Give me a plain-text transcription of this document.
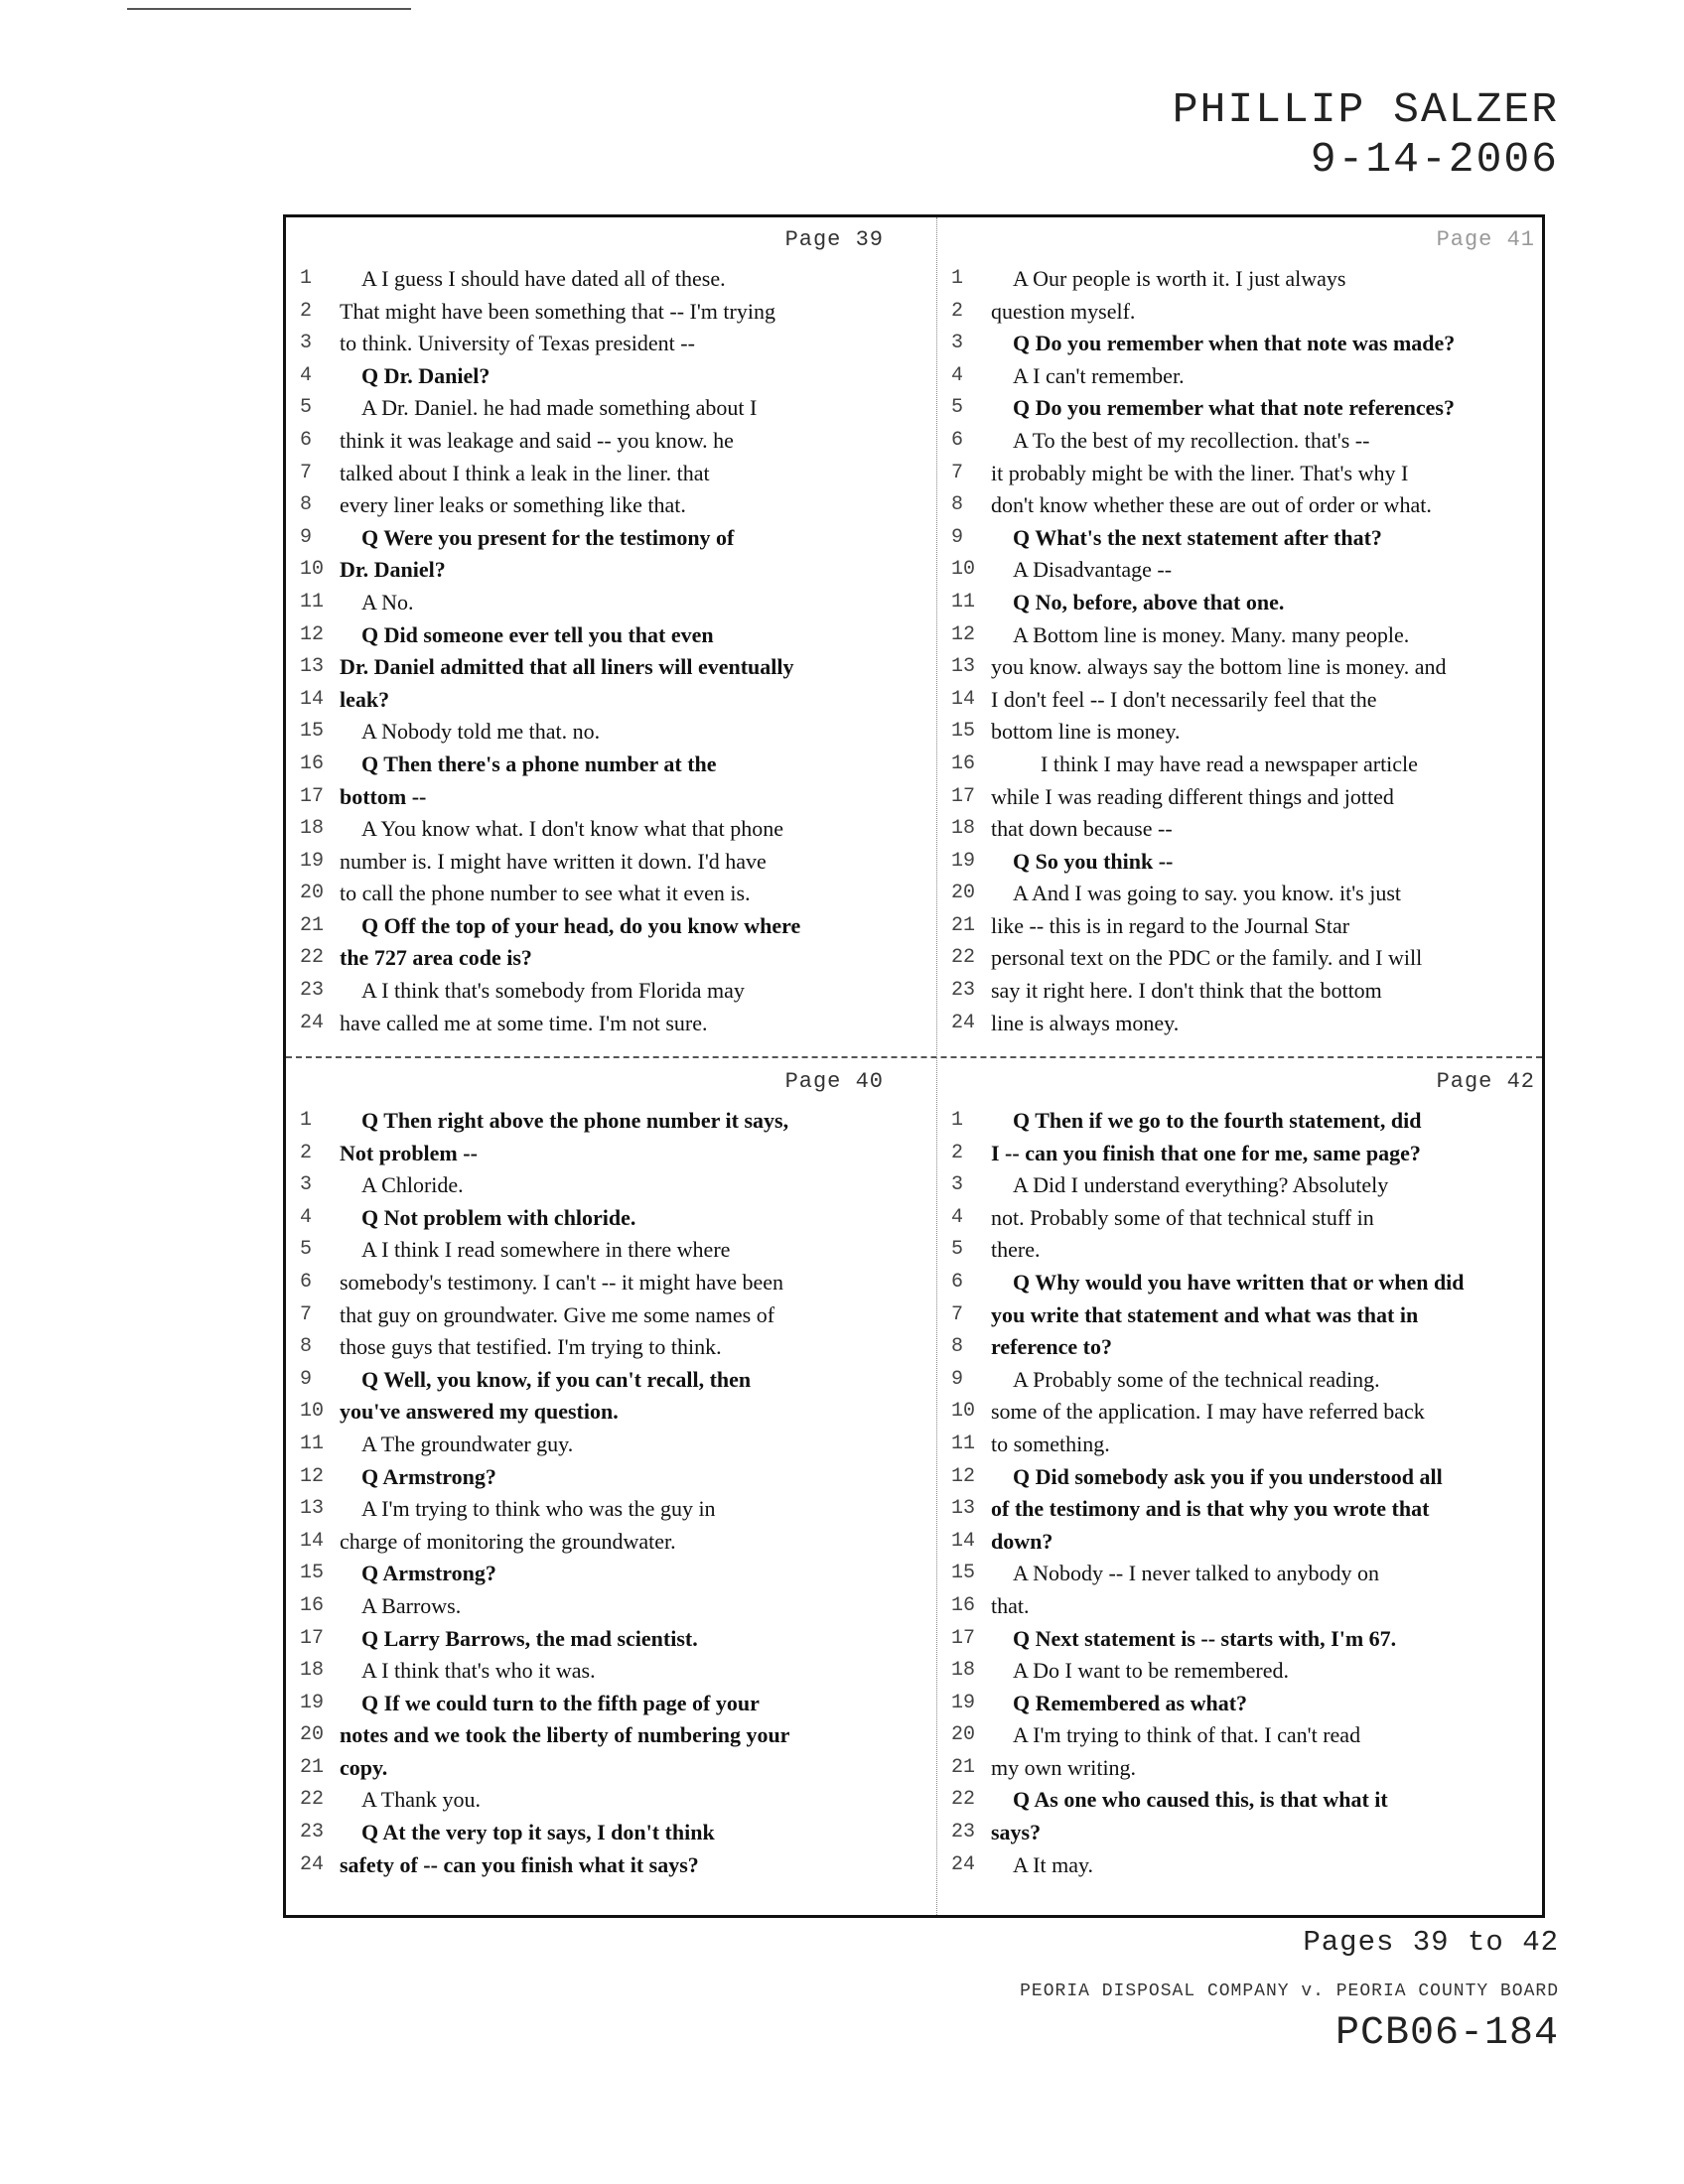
PHILLIP SALZER
9-14-2006
Page 39
1	A I guess I should have dated all of these.
2	That might have been something that -- I'm trying
3	to think. University of Texas president --
4	Q Dr. Daniel?
5	A Dr. Daniel. he had made something about I
6	think it was leakage and said -- you know. he
7	talked about I think a leak in the liner. that
8	every liner leaks or something like that.
9	Q Were you present for the testimony of
10 Dr. Daniel?
11	A No.
12	Q Did someone ever tell you that even
13 Dr. Daniel admitted that all liners will eventually
14 leak?
15	A Nobody told me that. no.
16	Q Then there's a phone number at the
17 bottom --
18	A You know what. I don't know what that phone
19 number is. I might have written it down. I'd have
20 to call the phone number to see what it even is.
21	Q Off the top of your head, do you know where
22 the 727 area code is?
23	A I think that's somebody from Florida may
24 have called me at some time. I'm not sure.
Page 41
1	A Our people is worth it. I just always
2	question myself.
3	Q Do you remember when that note was made?
4	A I can't remember.
5	Q Do you remember what that note references?
6	A To the best of my recollection. that's --
7	it probably might be with the liner. That's why I
8	don't know whether these are out of order or what.
9	Q What's the next statement after that?
10	A Disadvantage --
11	Q No, before, above that one.
12	A Bottom line is money. Many. many people.
13 you know. always say the bottom line is money. and
14 I don't feel -- I don't necessarily feel that the
15 bottom line is money.
16	I think I may have read a newspaper article
17 while I was reading different things and jotted
18 that down because --
19	Q So you think --
20	A And I was going to say. you know. it's just
21 like -- this is in regard to the Journal Star
22 personal text on the PDC or the family. and I will
23 say it right here. I don't think that the bottom
24 line is always money.
Page 40
1	Q Then right above the phone number it says,
2	Not problem --
3	A Chloride.
4	Q Not problem with chloride.
5	A I think I read somewhere in there where
6	somebody's testimony. I can't -- it might have been
7	that guy on groundwater. Give me some names of
8	those guys that testified. I'm trying to think.
9	Q Well, you know, if you can't recall, then
10 you've answered my question.
11	A The groundwater guy.
12	Q Armstrong?
13	A I'm trying to think who was the guy in
14 charge of monitoring the groundwater.
15	Q Armstrong?
16	A Barrows.
17	Q Larry Barrows, the mad scientist.
18	A I think that's who it was.
19	Q If we could turn to the fifth page of your
20 notes and we took the liberty of numbering your
21 copy.
22	A Thank you.
23	Q At the very top it says, I don't think
24 safety of -- can you finish what it says?
Page 42
1	Q Then if we go to the fourth statement, did
2	I -- can you finish that one for me, same page?
3	A Did I understand everything? Absolutely
4	not. Probably some of that technical stuff in
5	there.
6	Q Why would you have written that or when did
7	you write that statement and what was that in
8	reference to?
9	A Probably some of the technical reading.
10 some of the application. I may have referred back
11 to something.
12	Q Did somebody ask you if you understood all
13 of the testimony and is that why you wrote that
14 down?
15	A Nobody -- I never talked to anybody on
16 that.
17	Q Next statement is -- starts with, I'm 67.
18	A Do I want to be remembered.
19	Q Remembered as what?
20	A I'm trying to think of that. I can't read
21 my own writing.
22	Q As one who caused this, is that what it
23 says?
24	A It may.
Pages 39 to 42
PEORIA DISPOSAL COMPANY v. PEORIA COUNTY BOARD
PCB06-184
